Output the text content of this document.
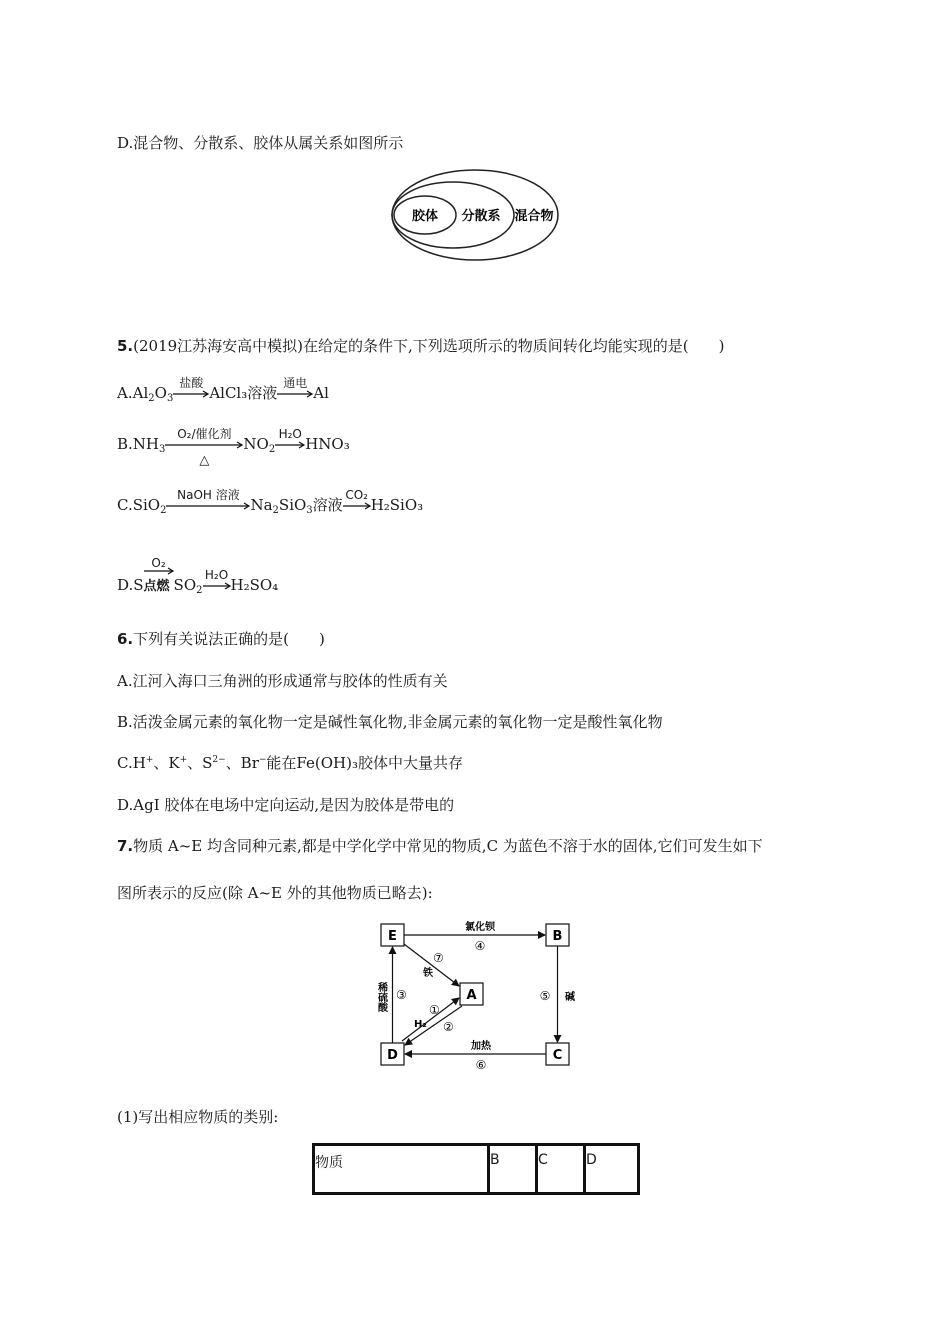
D.混合物、分散系、胶体从属关系如图所示
胶体 分散系 混合物
5.(2019江苏海安高中模拟)在给定的条件下,下列选项所示的物质间转化均能实现的是(　　)
$A.Al_2O_3$
盐酸
AlCl₃溶液
通电
Al
$B.NH_3$
O₂/催化剂
△
$NO_2$
H₂O
HNO₃
C.SiO$_2$
NaOH 溶液
$Na_2SiO_3$溶液
CO₂
H₂SiO₃
D.S
O₂
点燃 $SO_2$
H₂O
H₂SO₄
6.下列有关说法正确的是(　　)
A.江河入海口三角洲的形成通常与胶体的性质有关
B.活泼金属元素的氧化物一定是碱性氧化物,非金属元素的氧化物一定是酸性氧化物
C.H+、K+、$S^{2-}$、Br−能在Fe(OH)₃胶体中大量共存
D.AgI 胶体在电场中定向运动,是因为胶体是带电的
7.物质 A~E 均含同种元素,都是中学化学中常见的物质,C 为蓝色不溶于水的固体,它们可发生如下
图所表示的反应(除 A~E 外的其他物质已略去):
E	B
A
D	C
氯化钡
④
碱
⑤
加热
⑥
稀硫酸 ③
铁
⑦
H₂
①
②
(1)写出相应物质的类别:
物质	B	C	D
